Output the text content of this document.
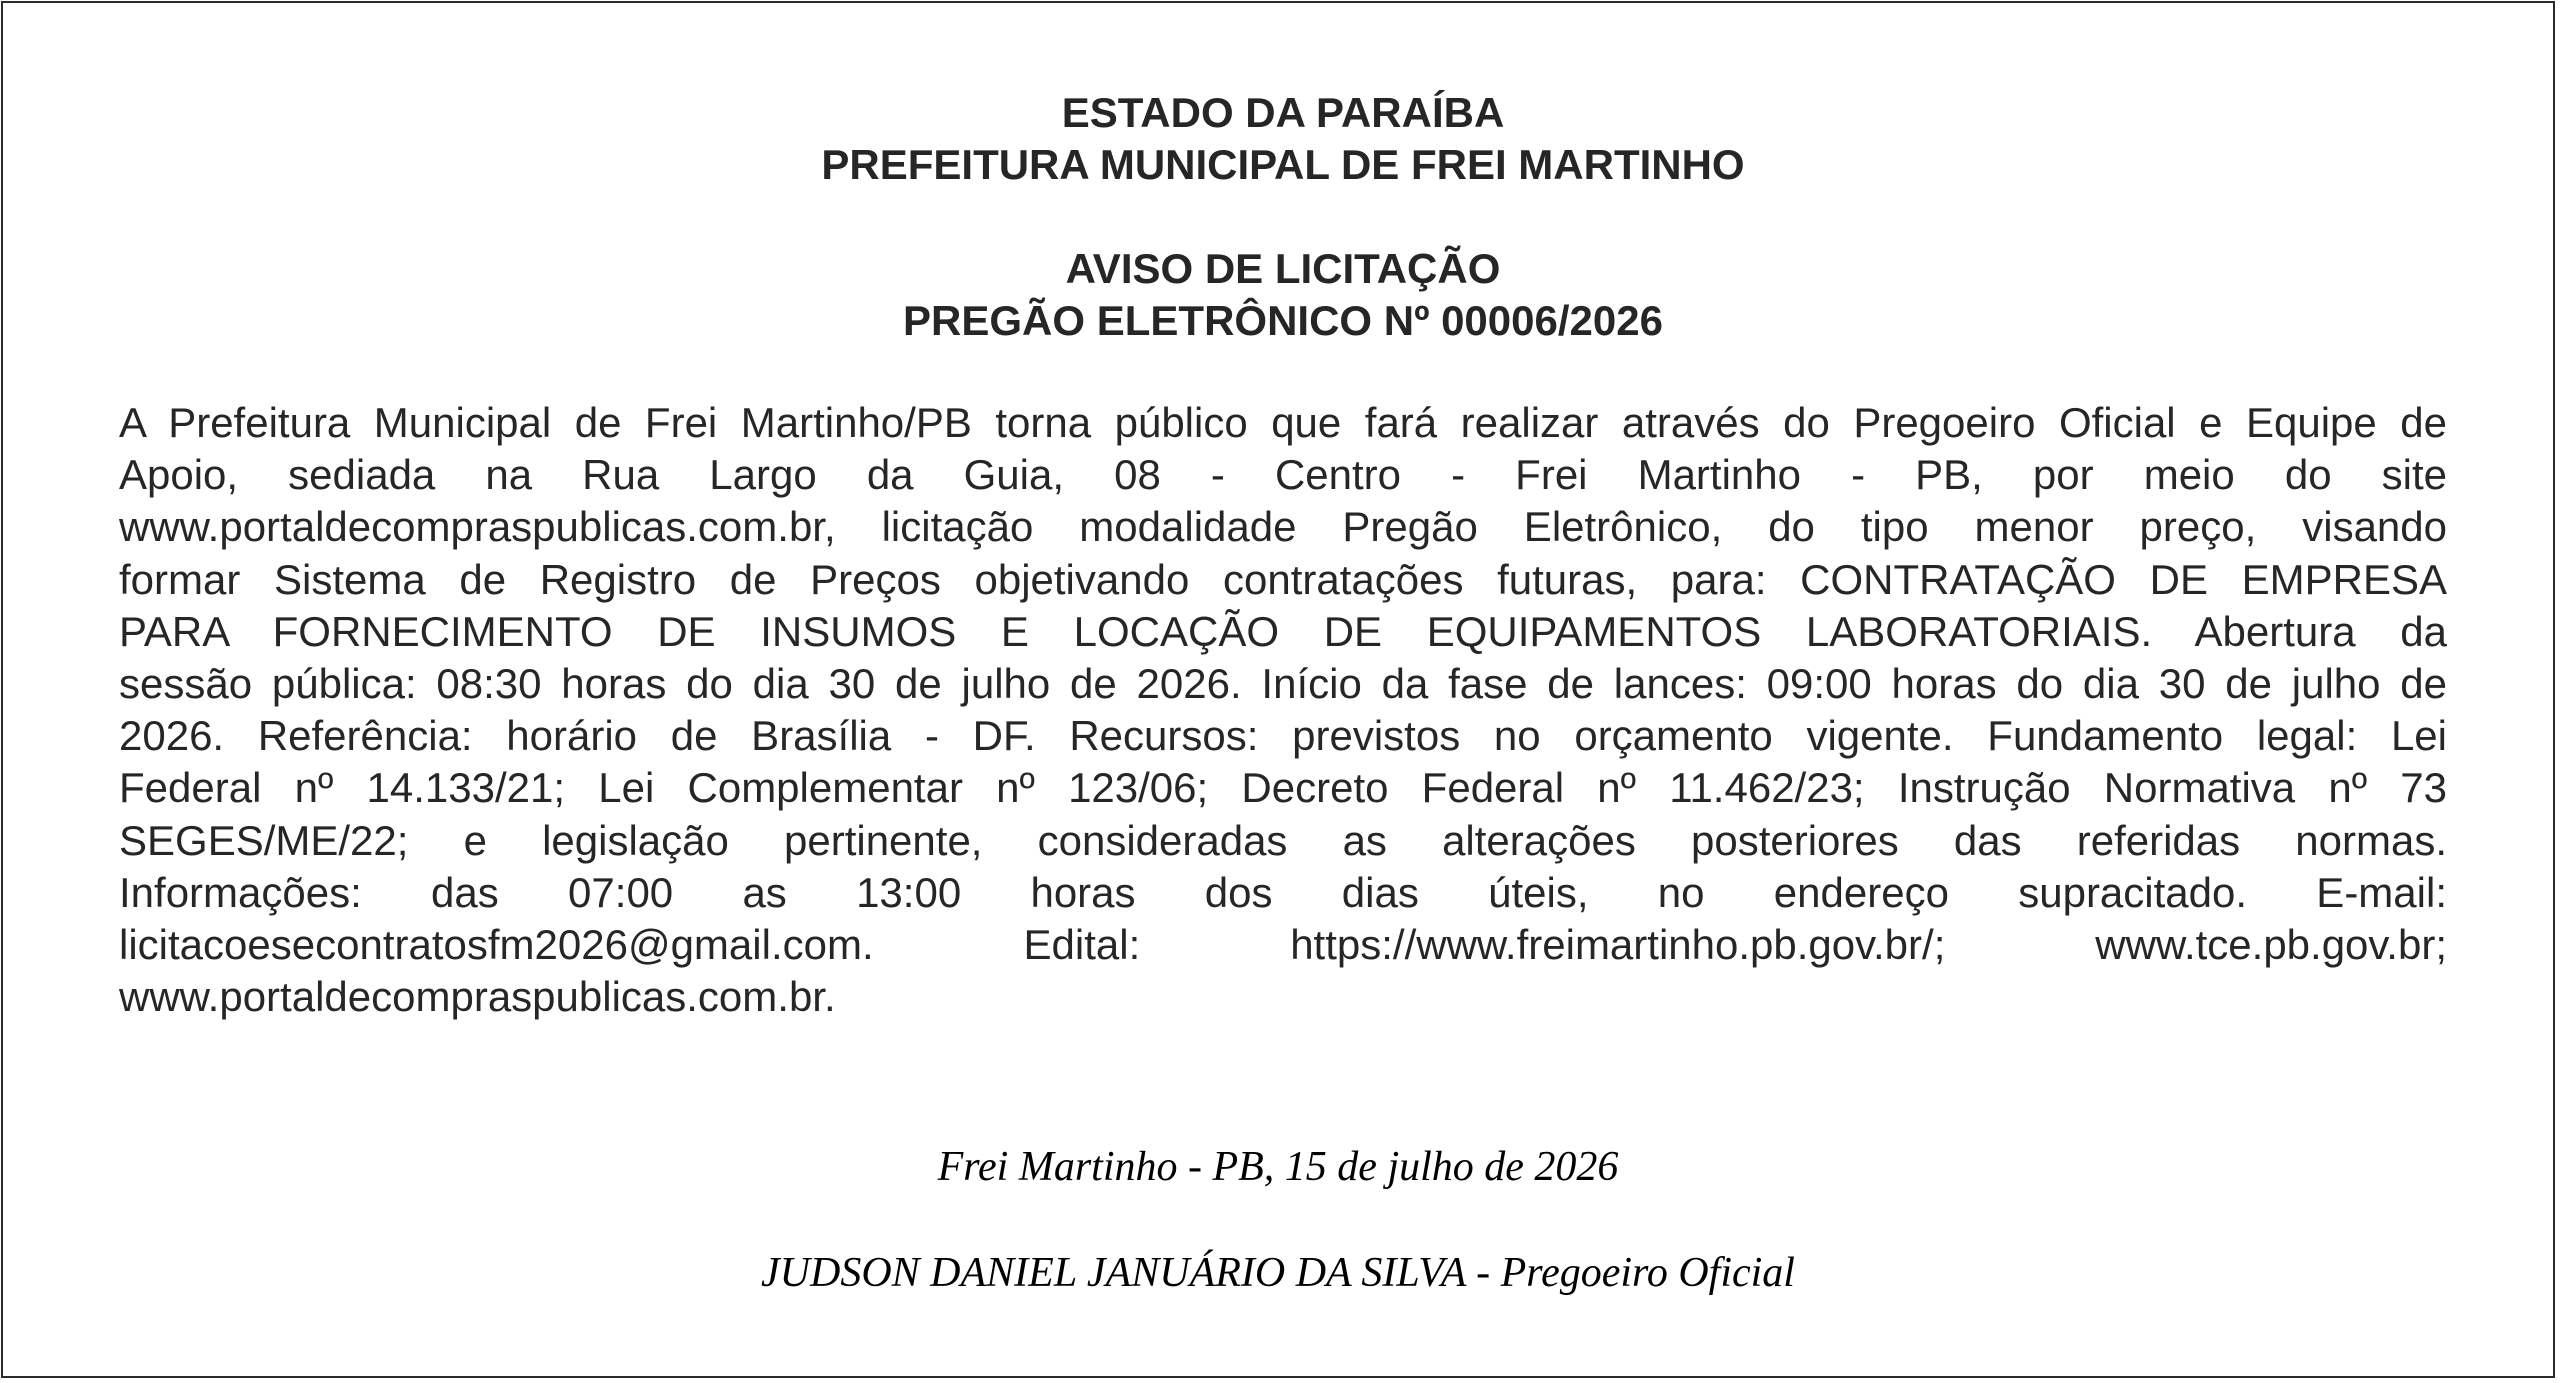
ESTADO DA PARAÍBA

PREFEITURA MUNICIPAL DE FREI MARTINHO

AVISO DE LICITAÇÃO

PREGÃO ELETRÔNICO Nº 00006/2026

A Prefeitura Municipal de Frei Martinho/PB torna público que fará realizar através do Pregoeiro Oficial e Equipe de
Apoio, sediada na Rua Largo da Guia, 08 - Centro - Frei Martinho - PB, por meio do site
www.portaldecompraspublicas.com.br, licitação modalidade Pregão Eletrônico, do tipo menor preço, visando
formar Sistema de Registro de Preços objetivando contratações futuras, para: CONTRATAÇÃO DE EMPRESA
PARA FORNECIMENTO DE INSUMOS E LOCAÇÃO DE EQUIPAMENTOS LABORATORIAIS. Abertura da
sessão pública: 08:30 horas do dia 30 de julho de 2026. Início da fase de lances: 09:00 horas do dia 30 de julho de
2026. Referência: horário de Brasília - DF. Recursos: previstos no orçamento vigente. Fundamento legal: Lei
Federal nº 14.133/21; Lei Complementar nº 123/06; Decreto Federal nº 11.462/23; Instrução Normativa nº 73
SEGES/ME/22; e legislação pertinente, consideradas as alterações posteriores das referidas normas.
Informações: das 07:00 as 13:00 horas dos dias úteis, no endereço supracitado. E-mail:
licitacoesecontratosfm2026@gmail.com. Edital: https://www.freimartinho.pb.gov.br/; www.tce.pb.gov.br;
www.portaldecompraspublicas.com.br.

Frei Martinho - PB, 15 de julho de 2026

JUDSON DANIEL JANUÁRIO DA SILVA - Pregoeiro Oficial
